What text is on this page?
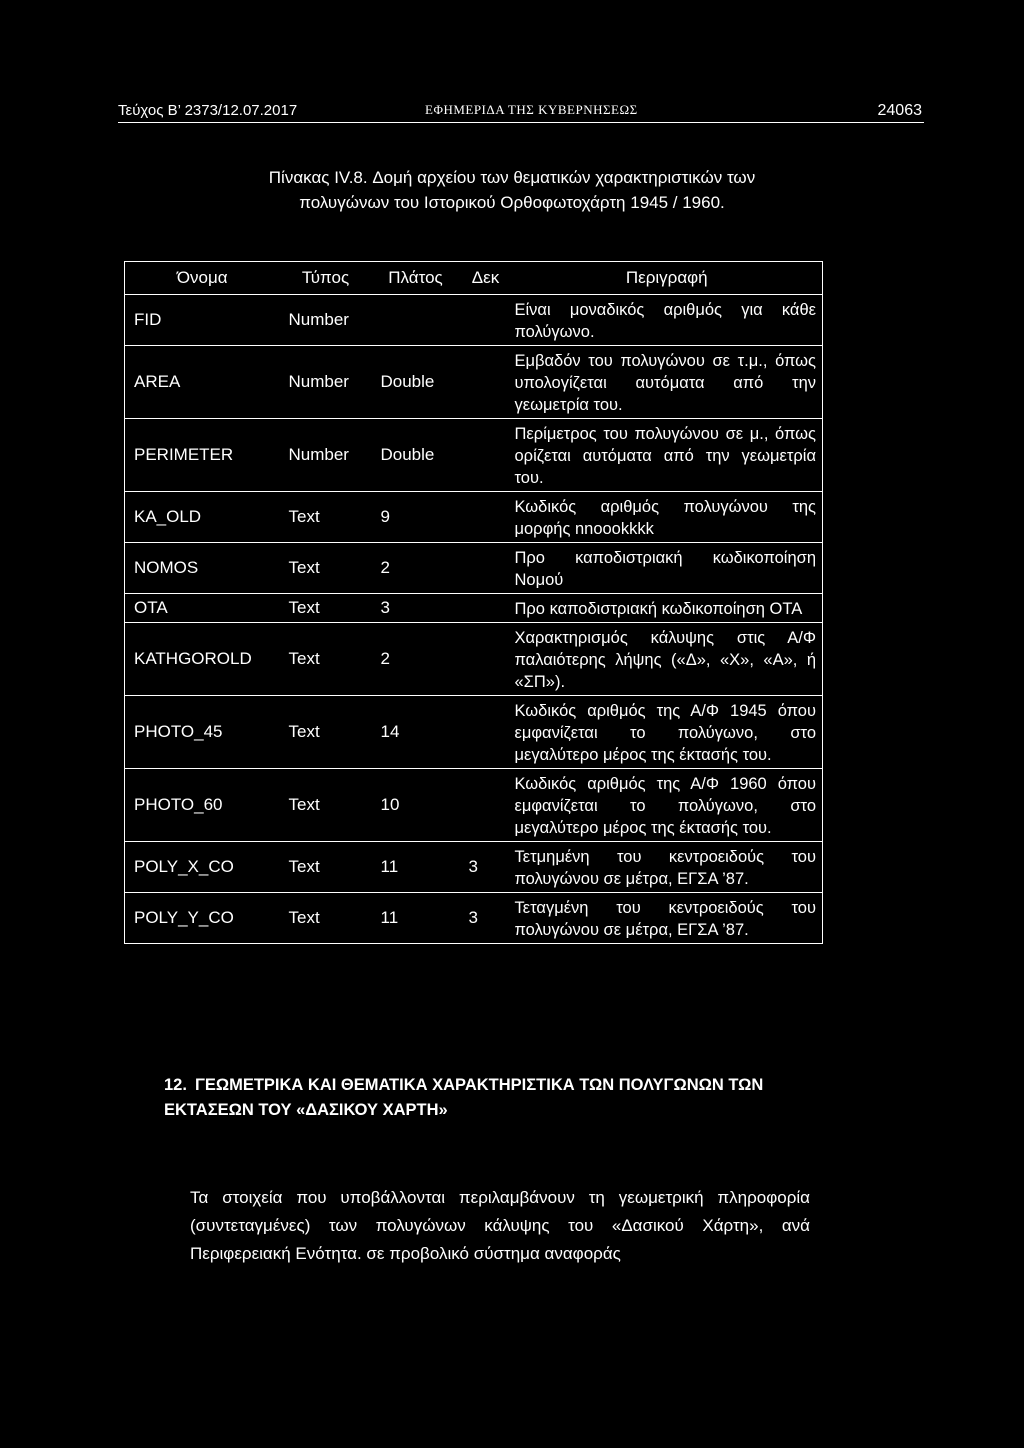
Τεύχος Β’ 2373/12.07.2017	ΕΦΗΜΕΡΙΔΑ ΤΗΣ ΚΥΒΕΡΝΗΣΕΩΣ	24063
Πίνακας IV.8. Δομή αρχείου των θεματικών χαρακτηριστικών των
πολυγώνων του Ιστορικού Ορθοφωτοχάρτη 1945 / 1960.
Όνομα	Τύπος	Πλάτος	Δεκ	Περιγραφή
FID	Number			Είναι μοναδικός αριθμός για κάθε πολύγωνο.
AREA	Number	Double		Εμβαδόν του πολυγώνου σε τ.μ., όπως υπολογίζεται αυτόματα από την γεωμετρία του.
PERIMETER	Number	Double		Περίμετρος του πολυγώνου σε μ., όπως ορίζεται αυτόματα από την γεωμετρία του.
KA_OLD	Text	9		Κωδικός αριθμός πολυγώνου της μορφής nnoookkkk
NOMOS	Text	2		Προ καποδιστριακή κωδικοποίηση Νομού
OTA	Text	3		Προ καποδιστριακή κωδικοποίηση ΟΤΑ
KATHGOROLD	Text	2		Χαρακτηρισμός κάλυψης στις Α/Φ παλαιότερης λήψης («Δ», «Χ», «Α», ή «ΣΠ»).
PHOTO_45	Text	14		Κωδικός αριθμός της Α/Φ 1945 όπου εμφανίζεται το πολύγωνο, στο μεγαλύτερο μέρος της έκτασής του.
PHOTO_60	Text	10		Κωδικός αριθμός της Α/Φ 1960 όπου εμφανίζεται το πολύγωνο, στο μεγαλύτερο μέρος της έκτασής του.
POLY_X_CO	Text	11	3	Τετμημένη του κεντροειδούς του πολυγώνου σε μέτρα, ΕΓΣΑ ’87.
POLY_Y_CO	Text	11	3	Τεταγμένη του κεντροειδούς του πολυγώνου σε μέτρα, ΕΓΣΑ ’87.
12. ΓΕΩΜΕΤΡΙΚΑ ΚΑΙ ΘΕΜΑΤΙΚΑ ΧΑΡΑΚΤΗΡΙΣΤΙΚΑ ΤΩΝ ΠΟΛΥΓΩΝΩΝ ΤΩΝ ΕΚΤΑΣΕΩΝ ΤΟΥ «ΔΑΣΙΚΟΥ ΧΑΡΤΗ»
Τα στοιχεία που υποβάλλονται περιλαμβάνουν τη γεωμετρική πληροφορία (συντεταγμένες) των πολυγώνων κάλυψης του «Δασικού Χάρτη», ανά Περιφερειακή Ενότητα. σε προβολικό σύστημα αναφοράς
